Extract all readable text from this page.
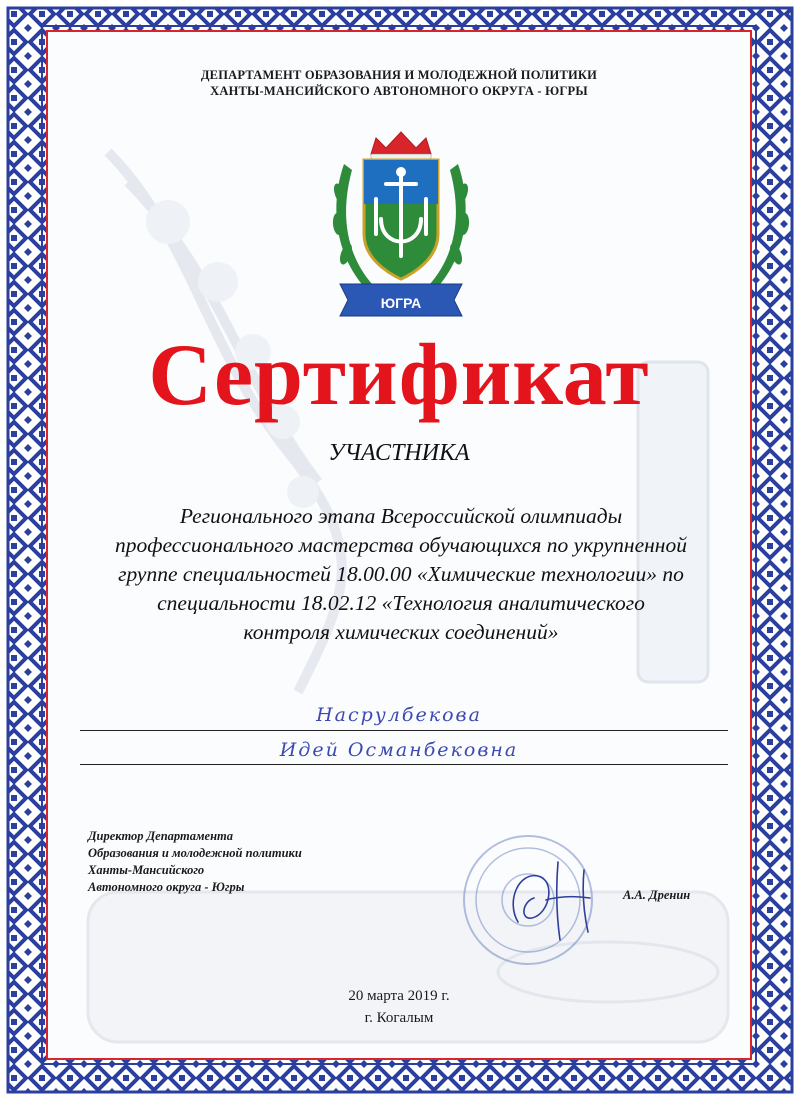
ДЕПАРТАМЕНТ ОБРАЗОВАНИЯ И МОЛОДЕЖНОЙ ПОЛИТИКИ
ХАНТЫ-МАНСИЙСКОГО АВТОНОМНОГО ОКРУГА - ЮГРЫ
ЮГРА
Сертификат
УЧАСТНИКА
Регионального этапа Всероссийской олимпиады
профессионального мастерства обучающихся по укрупненной
группе специальностей 18.00.00 «Химические технологии» по
специальности 18.02.12 «Технология аналитического
контроля химических соединений»
Насрулбекова
Идей Османбековна
Директор Департамента
Образования и молодежной политики
Ханты-Мансийского
Автономного округа - Югры
А.А. Дренин
20 марта 2019 г.
г. Когалым
